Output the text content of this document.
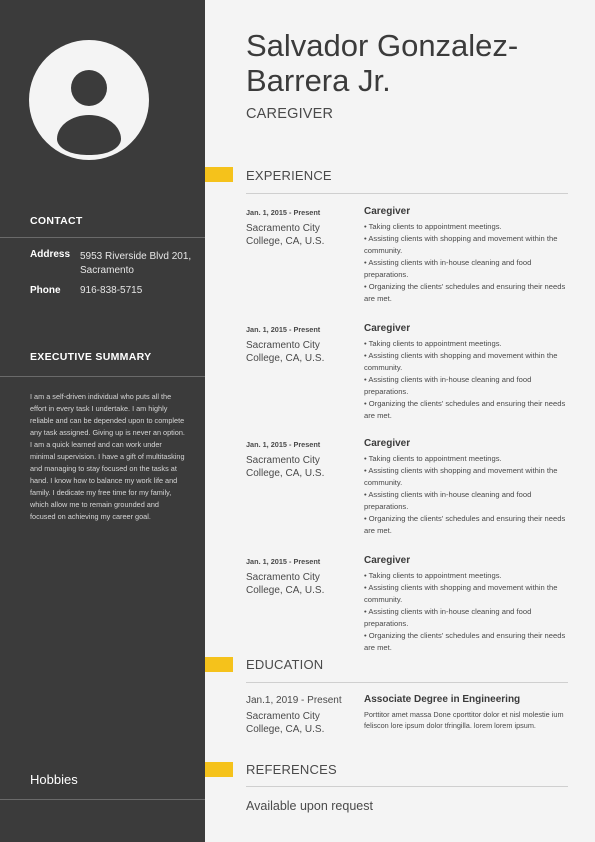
CONTACT
Address 5953 Riverside Blvd 201, Sacramento
Phone 916-838-5715
EXECUTIVE SUMMARY
I am a self-driven individual who puts all the effort in every task I undertake. I am highly reliable and can be depended upon to complete any task assigned. Giving up is never an option. I am a quick learned and can work under minimal supervision. I have a gift of multitasking and managing to stay focused on the tasks at hand. I know how to balance my work life and family. I dedicate my free time for my family, which allow me to remain grounded and focused on achieving my career goal.
Hobbies
Salvador Gonzalez-Barrera Jr.
CAREGIVER
EXPERIENCE
Jan. 1, 2015 - Present
Sacramento City College, CA, U.S.
Caregiver
• Taking clients to appointment meetings.
• Assisting clients with shopping and movement within the community.
• Assisting clients with in-house cleaning and food preparations.
• Organizing the clients' schedules and ensuring their needs are met.
Jan. 1, 2015 - Present
Sacramento City College, CA, U.S.
Caregiver
• Taking clients to appointment meetings.
• Assisting clients with shopping and movement within the community.
• Assisting clients with in-house cleaning and food preparations.
• Organizing the clients' schedules and ensuring their needs are met.
Jan. 1, 2015 - Present
Sacramento City College, CA, U.S.
Caregiver
• Taking clients to appointment meetings.
• Assisting clients with shopping and movement within the community.
• Assisting clients with in-house cleaning and food preparations.
• Organizing the clients' schedules and ensuring their needs are met.
Jan. 1, 2015 - Present
Sacramento City College, CA, U.S.
Caregiver
• Taking clients to appointment meetings.
• Assisting clients with shopping and movement within the community.
• Assisting clients with in-house cleaning and food preparations.
• Organizing the clients' schedules and ensuring their needs are met.
EDUCATION
Jan.1, 2019 - Present
Sacramento City College, CA, U.S.
Associate Degree in Engineering
Porttitor amet massa Done cporttitor dolor et nisl molestie ium feliscon lore ipsum dolor tfringilla. lorem lorem ipsum.
REFERENCES
Available upon request
